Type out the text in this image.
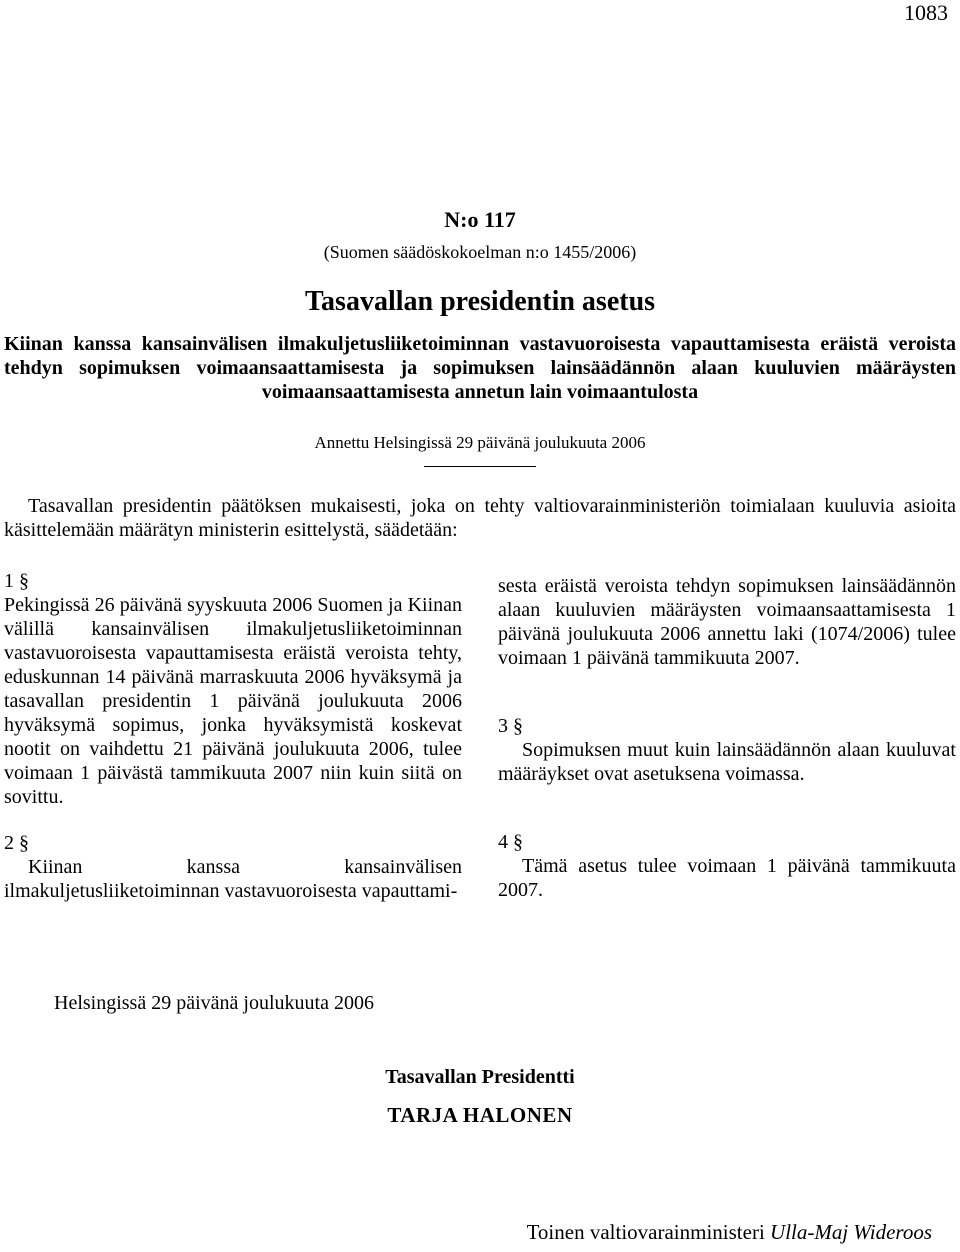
1083
N:o 117
(Suomen säädöskokoelman n:o 1455/2006)
Tasavallan presidentin asetus
Kiinan kanssa kansainvälisen ilmakuljetusliiketoiminnan vastavuoroisesta vapauttamisesta eräistä veroista tehdyn sopimuksen voimaansaattamisesta ja sopimuksen lainsäädännön alaan kuuluvien määräysten voimaansaattamisesta annetun lain voimaantulosta
Annettu Helsingissä 29 päivänä joulukuuta 2006
Tasavallan presidentin päätöksen mukaisesti, joka on tehty valtiovarainministeriön toimialaan kuuluvia asioita käsittelemään määrätyn ministerin esittelystä, säädetään:

1 §

Pekingissä 26 päivänä syyskuuta 2006 Suomen ja Kiinan välillä kansainvälisen ilmakuljetusliiketoiminnan vastavuoroisesta vapauttamisesta eräistä veroista tehty, eduskunnan 14 päivänä marraskuuta 2006 hyväksymä ja tasavallan presidentin 1 päivänä joulukuuta 2006 hyväksymä sopimus, jonka hyväksymistä koskevat nootit on vaihdettu 21 päivänä joulukuuta 2006, tulee voimaan 1 päivästä tammikuuta 2007 niin kuin siitä on sovittu.

2 §

Kiinan kanssa kansainvälisen ilmakuljetusliiketoiminnan vastavuoroisesta vapauttami-

sesta eräistä veroista tehdyn sopimuksen lainsäädännön alaan kuuluvien määräysten voimaansaattamisesta 1 päivänä joulukuuta 2006 annettu laki (1074/2006) tulee voimaan 1 päivänä tammikuuta 2007.

3 §

Sopimuksen muut kuin lainsäädännön alaan kuuluvat määräykset ovat asetuksena voimassa.

4 §

Tämä asetus tulee voimaan 1 päivänä tammikuuta 2007.

Helsingissä 29 päivänä joulukuuta 2006
Tasavallan Presidentti
TARJA HALONEN
Toinen valtiovarainministeri Ulla-Maj Wideroos
